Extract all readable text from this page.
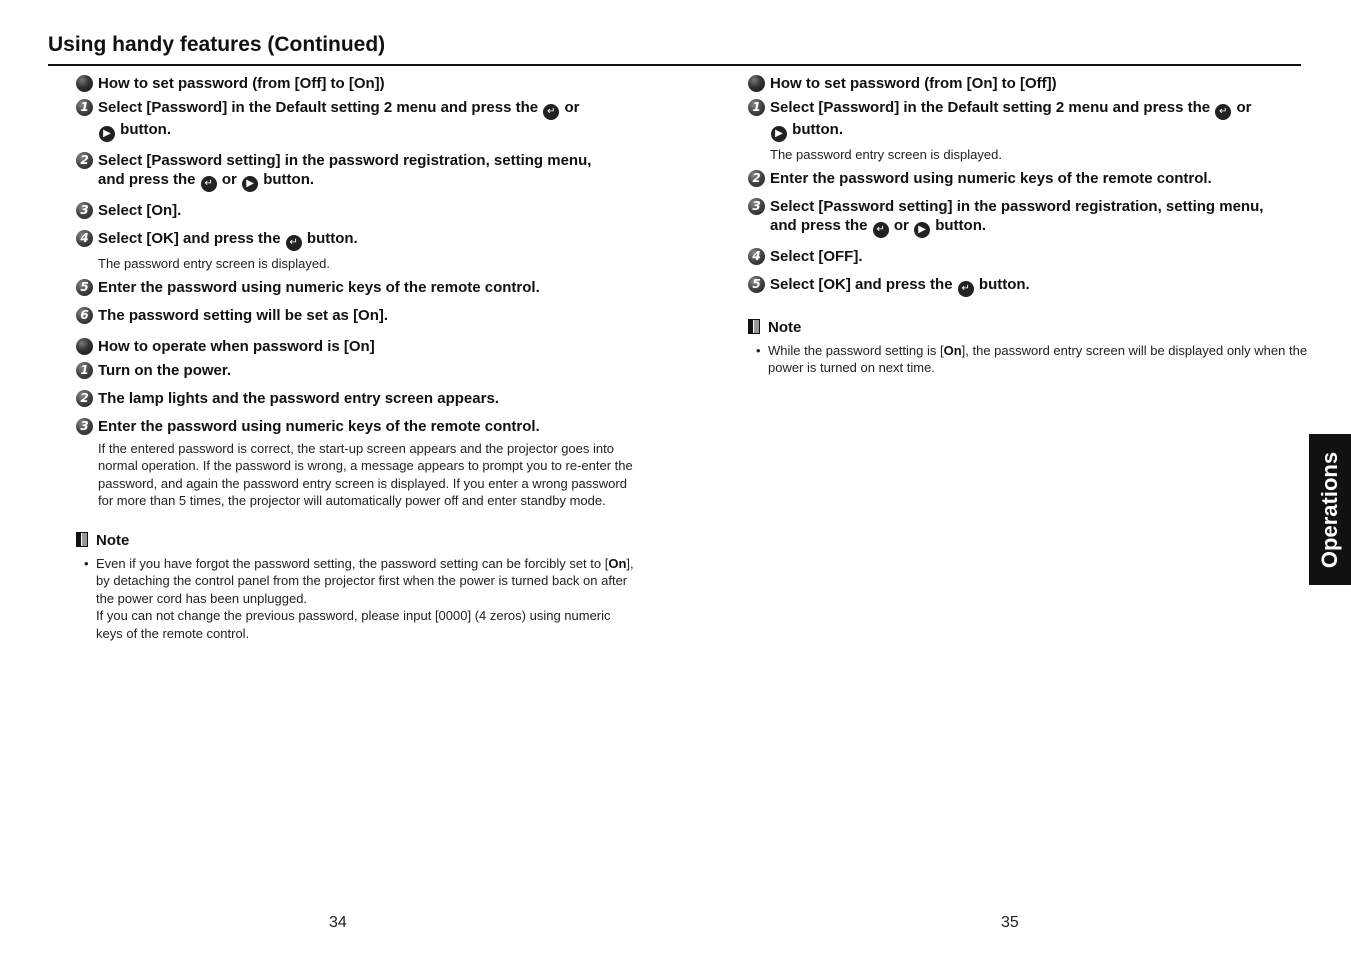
Using handy features (Continued)
How to set password (from [Off] to [On])
1 Select [Password] in the Default setting 2 menu and press the ↵ or
▶ button.
2 Select [Password setting] in the password registration, setting menu,
and press the ↵ or ▶ button.
3 Select [On].
4 Select [OK] and press the ↵ button.
The password entry screen is displayed.
5 Enter the password using numeric keys of the remote control.
6 The password setting will be set as [On].
How to operate when password is [On]
1 Turn on the power.
2 The lamp lights and the password entry screen appears.
3 Enter the password using numeric keys of the remote control.
If the entered password is correct, the start-up screen appears and the projector goes into normal operation. If the password is wrong, a message appears to prompt you to re-enter the password, and again the password entry screen is displayed. If you enter a wrong password for more than 5 times, the projector will automatically power off and enter standby mode.
Note
• Even if you have forgot the password setting, the password setting can be forcibly set to [On], by detaching the control panel from the projector first when the power is turned back on after the power cord has been unplugged.
If you can not change the previous password, please input [0000] (4 zeros) using numeric keys of the remote control.
How to set password (from [On] to [Off])
1 Select [Password] in the Default setting 2 menu and press the ↵ or
▶ button.
The password entry screen is displayed.
2 Enter the password using numeric keys of the remote control.
3 Select [Password setting] in the password registration, setting menu,
and press the ↵ or ▶ button.
4 Select [OFF].
5 Select [OK] and press the ↵ button.
Note
• While the password setting is [On], the password entry screen will be displayed only when the power is turned on next time.
34	35
Operations
